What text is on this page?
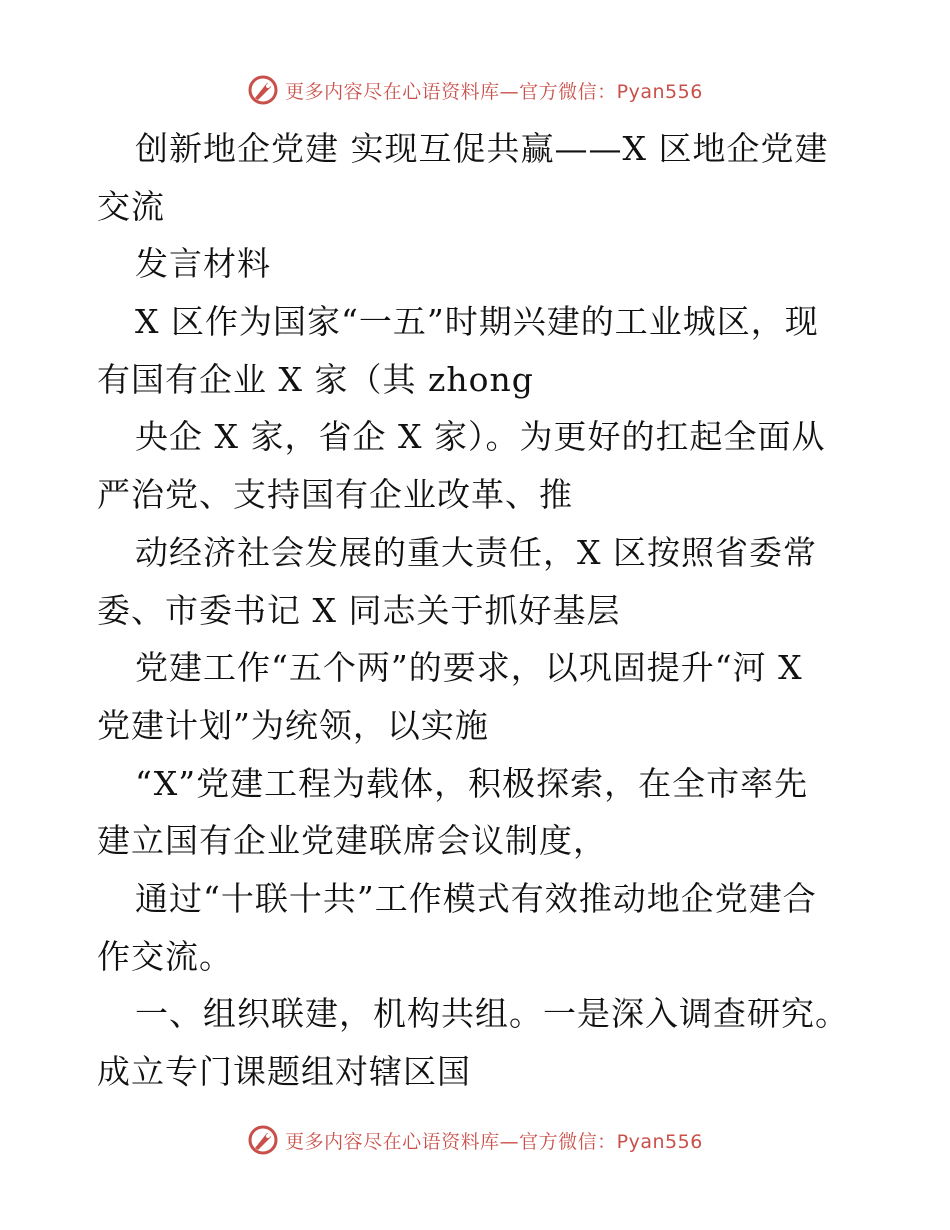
更多内容尽在心语资料库—官方微信：Pyan556
创新地企党建 实现互促共赢——X 区地企党建
交流
发言材料
X 区作为国家“一五”时期兴建的工业城区，现
有国有企业 X 家（其 zhong
央企 X 家，省企 X 家）。为更好的扛起全面从
严治党、支持国有企业改革、推
动经济社会发展的重大责任，X 区按照省委常
委、市委书记 X 同志关于抓好基层
党建工作“五个两”的要求，以巩固提升“河 X
党建计划”为统领，以实施
“X”党建工程为载体，积极探索，在全市率先
建立国有企业党建联席会议制度，
通过“十联十共”工作模式有效推动地企党建合
作交流。
一、组织联建，机构共组。一是深入调查研究。
成立专门课题组对辖区国
更多内容尽在心语资料库—官方微信：Pyan556
